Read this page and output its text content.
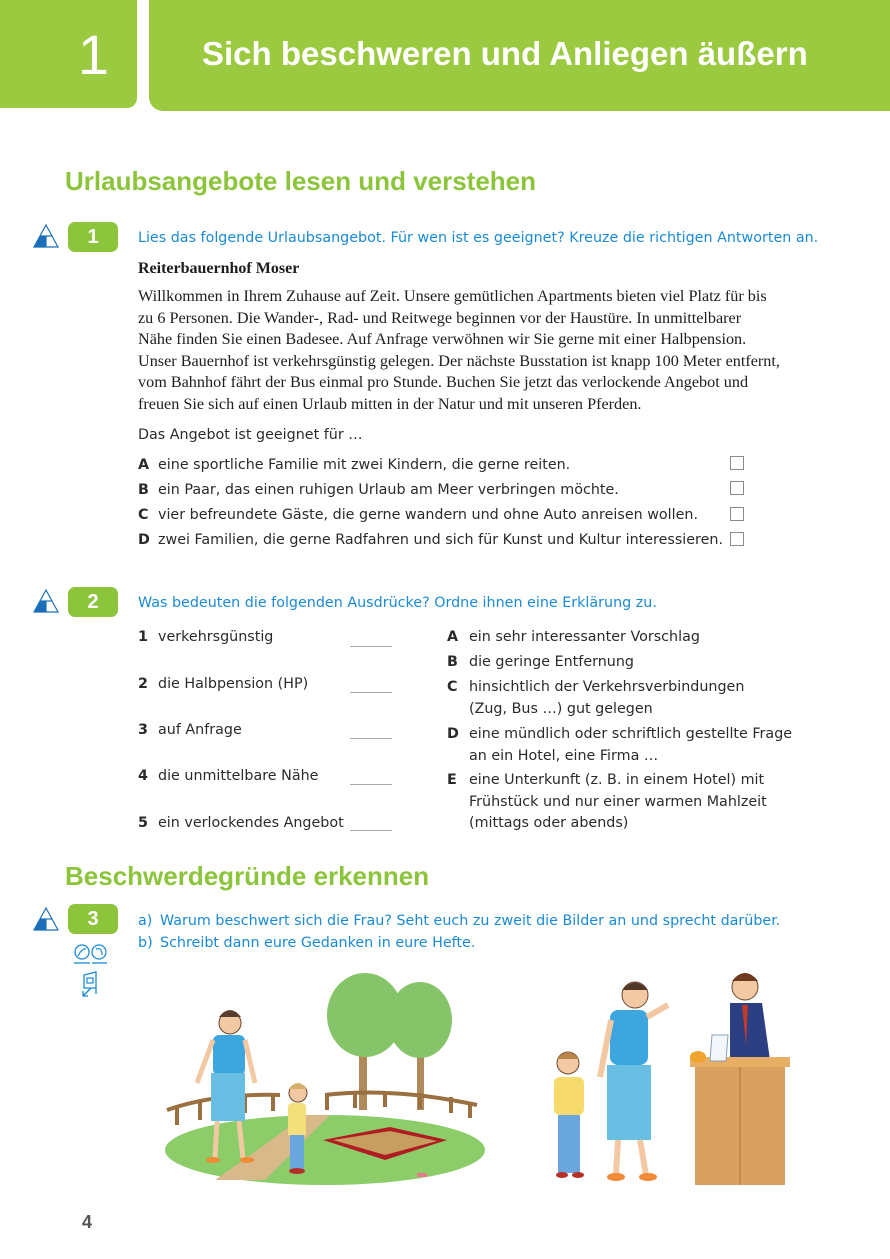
1	Sich beschweren und Anliegen äußern
Urlaubsangebote lesen und verstehen
1	Lies das folgende Urlaubsangebot. Für wen ist es geeignet? Kreuze die richtigen Antworten an.
Reiterbauernhof Moser
Willkommen in Ihrem Zuhause auf Zeit. Unsere gemütlichen Apartments bieten viel Platz für bis
zu 6 Personen. Die Wander-, Rad- und Reitwege beginnen vor der Haustüre. In unmittelbarer
Nähe finden Sie einen Badesee. Auf Anfrage verwöhnen wir Sie gerne mit einer Halbpension.
Unser Bauernhof ist verkehrsgünstig gelegen. Der nächste Busstation ist knapp 100 Meter entfernt,
vom Bahnhof fährt der Bus einmal pro Stunde. Buchen Sie jetzt das verlockende Angebot und
freuen Sie sich auf einen Urlaub mitten in der Natur und mit unseren Pferden.
Das Angebot ist geeignet für …
A eine sportliche Familie mit zwei Kindern, die gerne reiten.
B ein Paar, das einen ruhigen Urlaub am Meer verbringen möchte.
C vier befreundete Gäste, die gerne wandern und ohne Auto anreisen wollen.
D zwei Familien, die gerne Radfahren und sich für Kunst und Kultur interessieren.
2	Was bedeuten die folgenden Ausdrücke? Ordne ihnen eine Erklärung zu.
1 verkehrsgünstig
2 die Halbpension (HP)
3 auf Anfrage
4 die unmittelbare Nähe
5 ein verlockendes Angebot
A ein sehr interessanter Vorschlag
B die geringe Entfernung
C hinsichtlich der Verkehrsverbindungen
(Zug, Bus …) gut gelegen
D eine mündlich oder schriftlich gestellte Frage
an ein Hotel, eine Firma …
E eine Unterkunft (z. B. in einem Hotel) mit
Frühstück und nur einer warmen Mahlzeit
(mittags oder abends)
Beschwerdegründe erkennen
3	a) Warum beschwert sich die Frau? Seht euch zu zweit die Bilder an und sprecht darüber.
b) Schreibt dann eure Gedanken in eure Hefte.
4
